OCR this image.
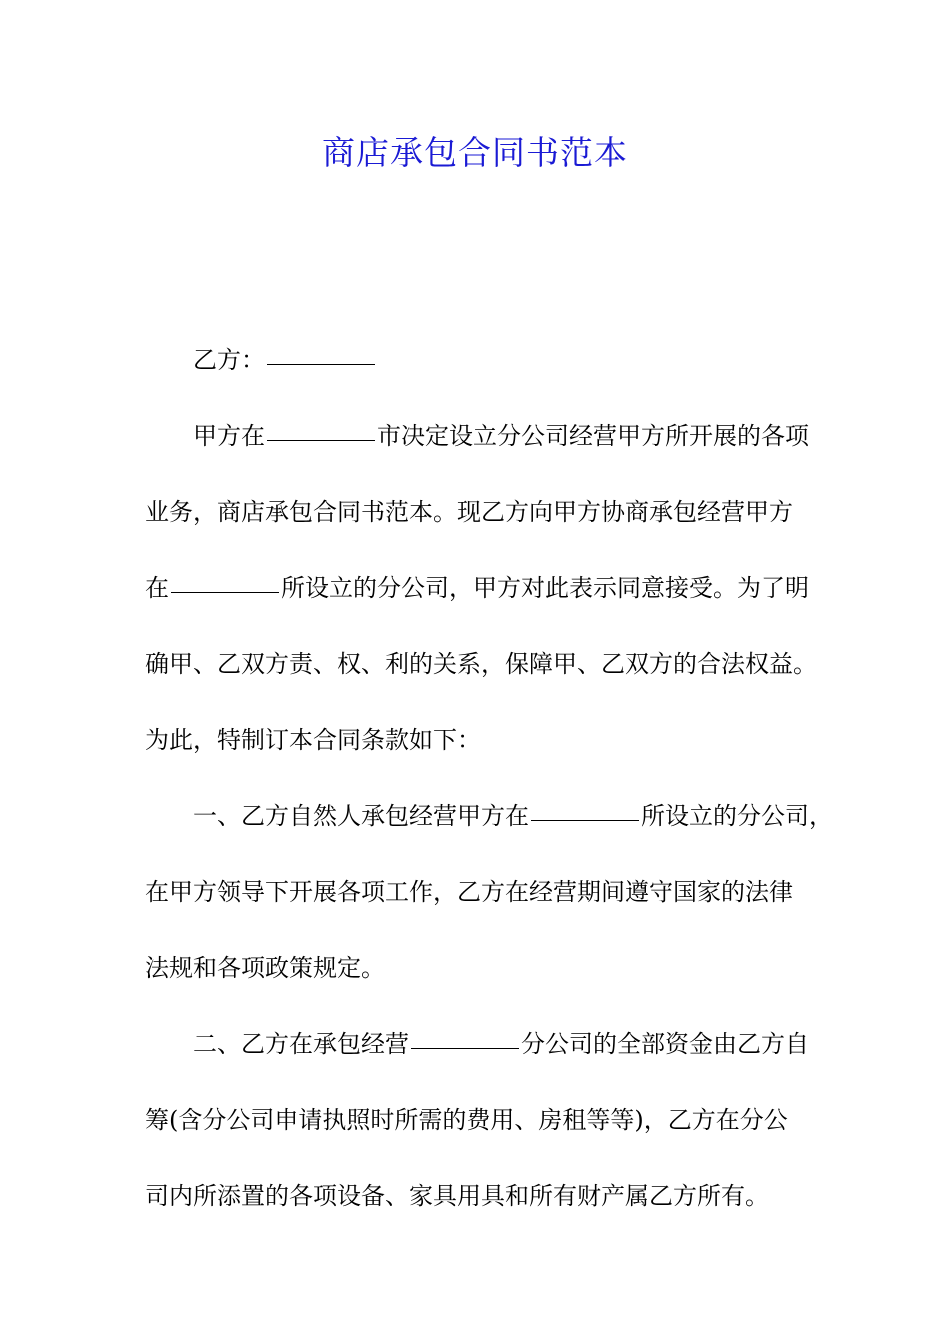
商店承包合同书范本
乙方：
甲方在	市决定设立分公司经营甲方所开展的各项
业务，商店承包合同书范本。现乙方向甲方协商承包经营甲方
在	所设立的分公司，甲方对此表示同意接受。为了明
确甲、乙双方责、权、利的关系，保障甲、乙双方的合法权益。
为此，特制订本合同条款如下：
一、乙方自然人承包经营甲方在	所设立的分公司，
在甲方领导下开展各项工作，乙方在经营期间遵守国家的法律
法规和各项政策规定。
二、乙方在承包经营	分公司的全部资金由乙方自
筹(含分公司申请执照时所需的费用、房租等等)，乙方在分公
司内所添置的各项设备、家具用具和所有财产属乙方所有。
